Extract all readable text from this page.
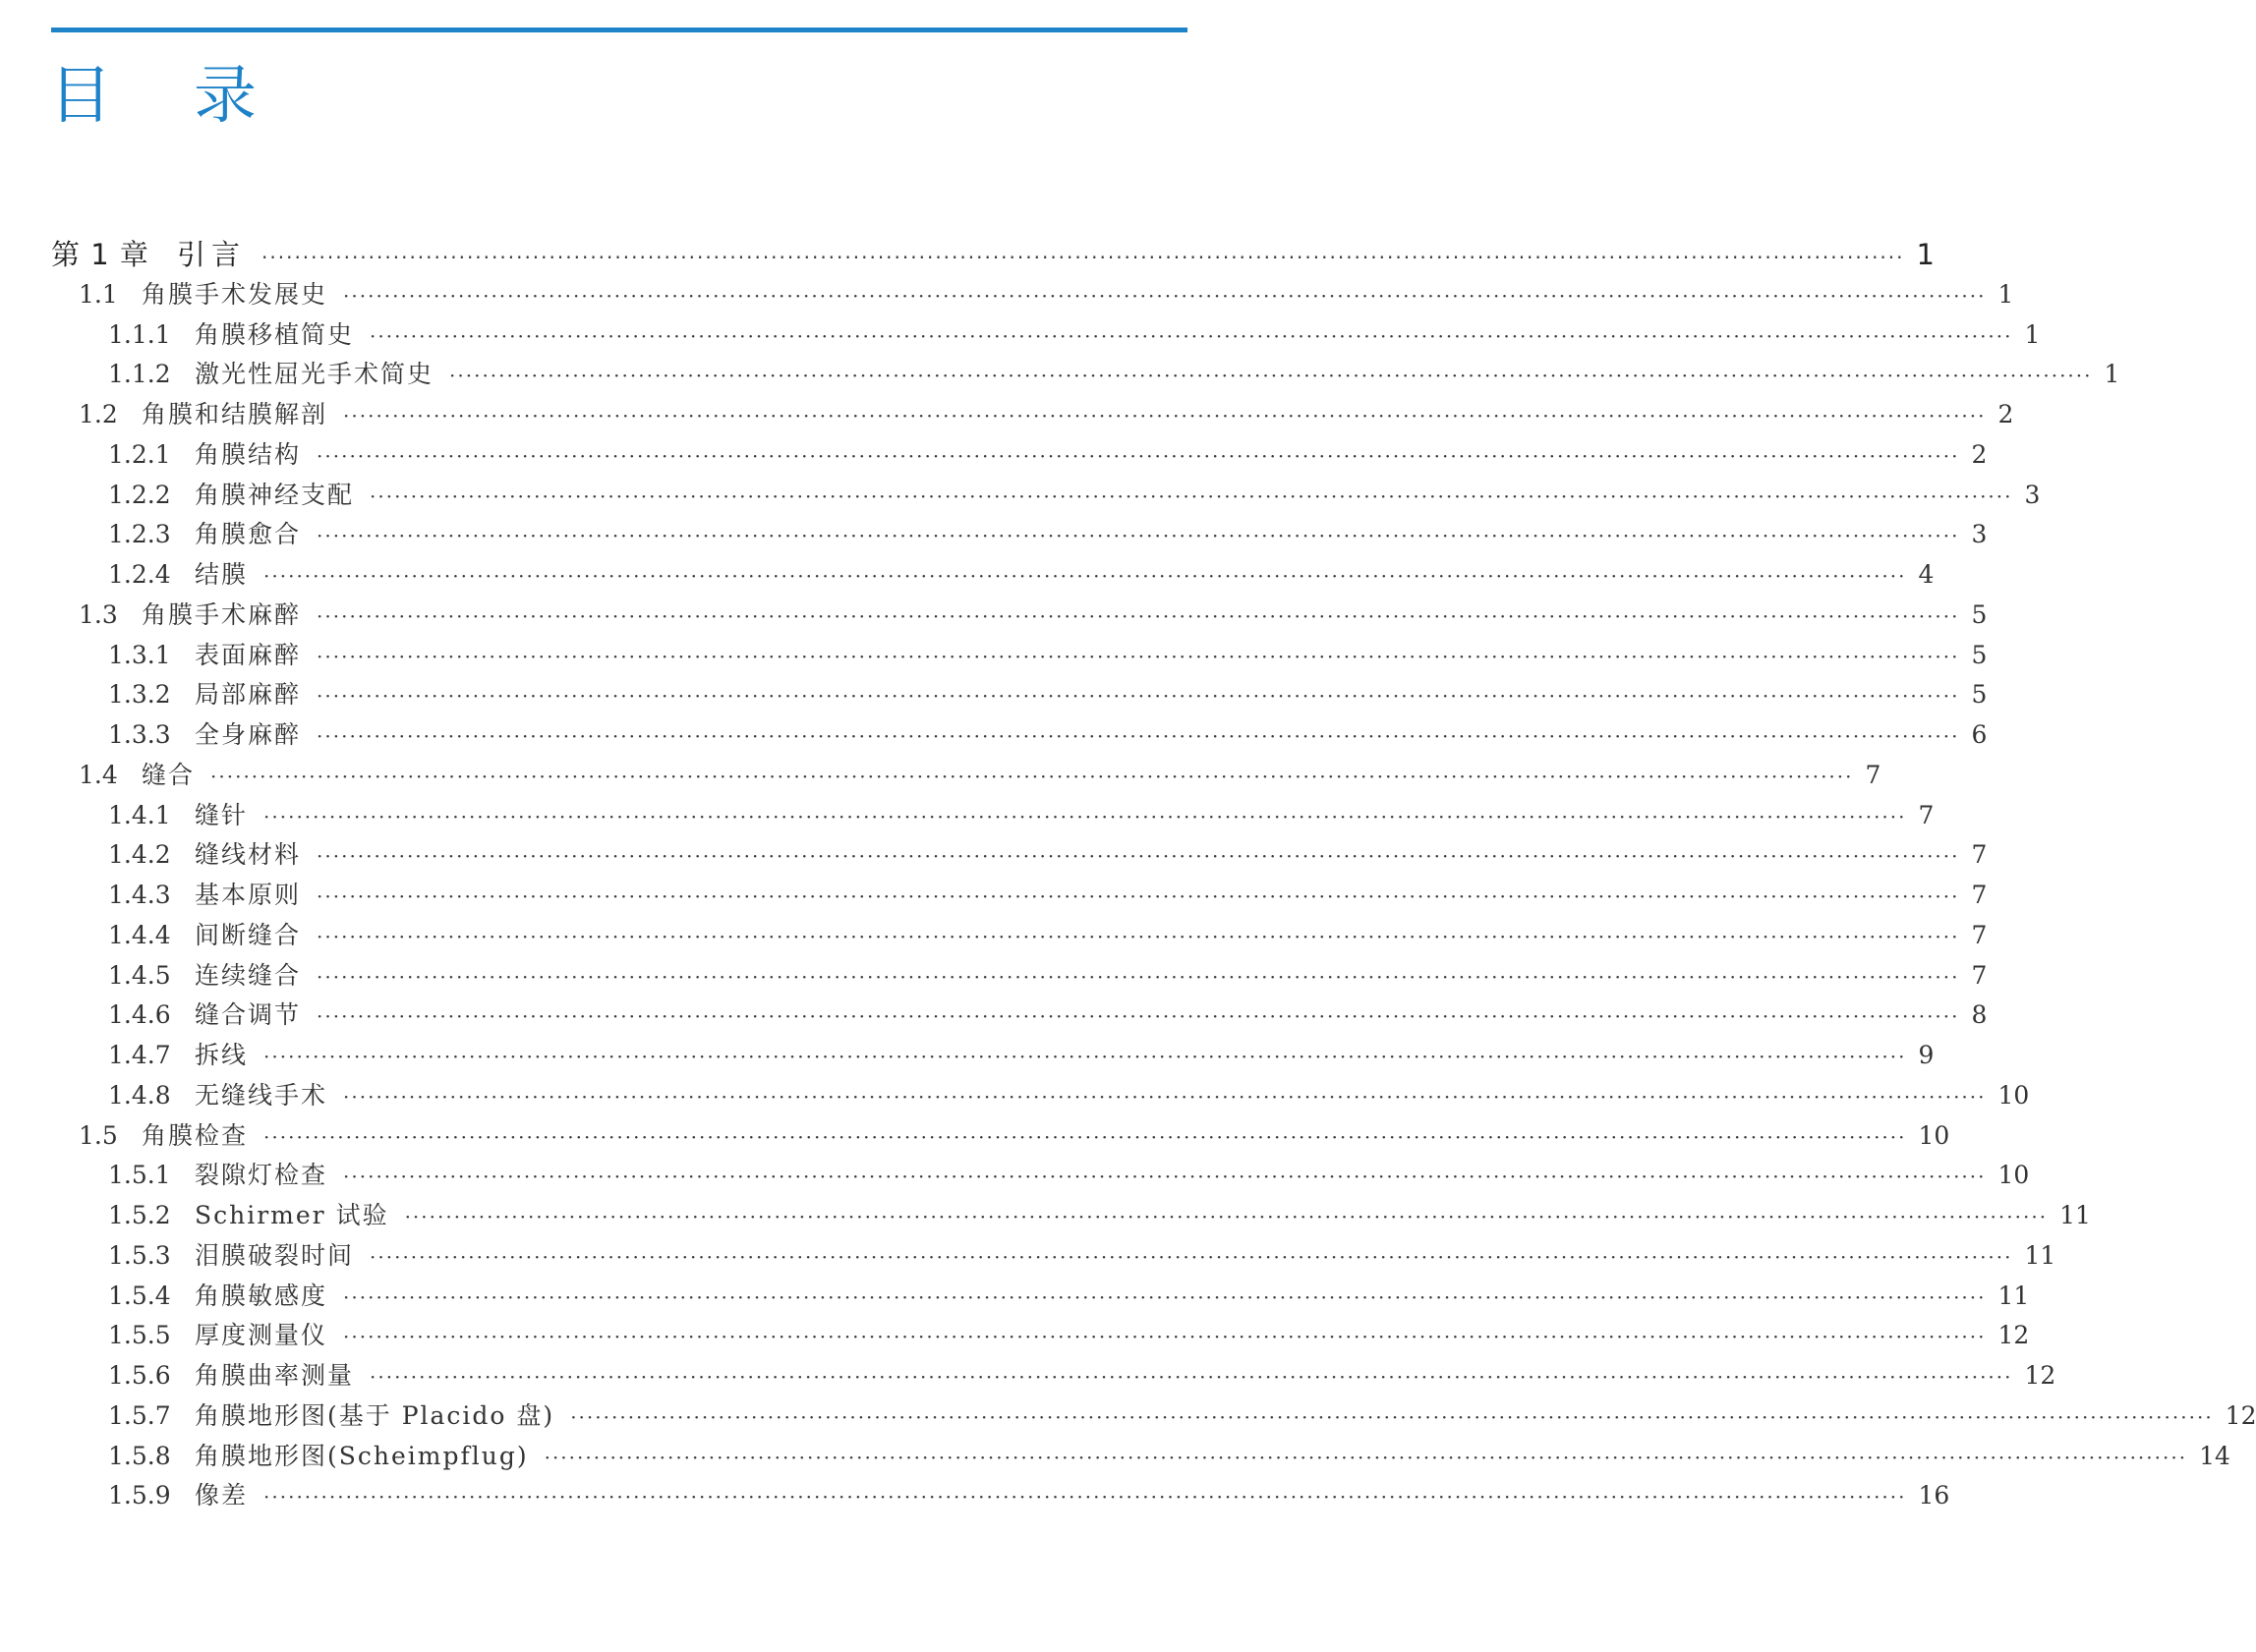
目 录
第 1 章 引言 ········································································································································································································ 1
1.1 角膜手术发展史 ········································································································································································································ 1
1.1.1 角膜移植简史 ········································································································································································································ 1
1.1.2 激光性屈光手术简史 ········································································································································································································ 1
1.2 角膜和结膜解剖 ········································································································································································································ 2
1.2.1 角膜结构 ········································································································································································································ 2
1.2.2 角膜神经支配 ········································································································································································································ 3
1.2.3 角膜愈合 ········································································································································································································ 3
1.2.4 结膜 ········································································································································································································ 4
1.3 角膜手术麻醉 ········································································································································································································ 5
1.3.1 表面麻醉 ········································································································································································································ 5
1.3.2 局部麻醉 ········································································································································································································ 5
1.3.3 全身麻醉 ········································································································································································································ 6
1.4 缝合 ········································································································································································································ 7
1.4.1 缝针 ········································································································································································································ 7
1.4.2 缝线材料 ········································································································································································································ 7
1.4.3 基本原则 ········································································································································································································ 7
1.4.4 间断缝合 ········································································································································································································ 7
1.4.5 连续缝合 ········································································································································································································ 7
1.4.6 缝合调节 ········································································································································································································ 8
1.4.7 拆线 ········································································································································································································ 9
1.4.8 无缝线手术 ········································································································································································································ 10
1.5 角膜检查 ········································································································································································································ 10
1.5.1 裂隙灯检查 ········································································································································································································ 10
1.5.2 Schirmer 试验 ········································································································································································································ 11
1.5.3 泪膜破裂时间 ········································································································································································································ 11
1.5.4 角膜敏感度 ········································································································································································································ 11
1.5.5 厚度测量仪 ········································································································································································································ 12
1.5.6 角膜曲率测量 ········································································································································································································ 12
1.5.7 角膜地形图(基于 Placido 盘) ········································································································································································································ 12
1.5.8 角膜地形图(Scheimpflug) ········································································································································································································ 14
1.5.9 像差 ········································································································································································································ 16
